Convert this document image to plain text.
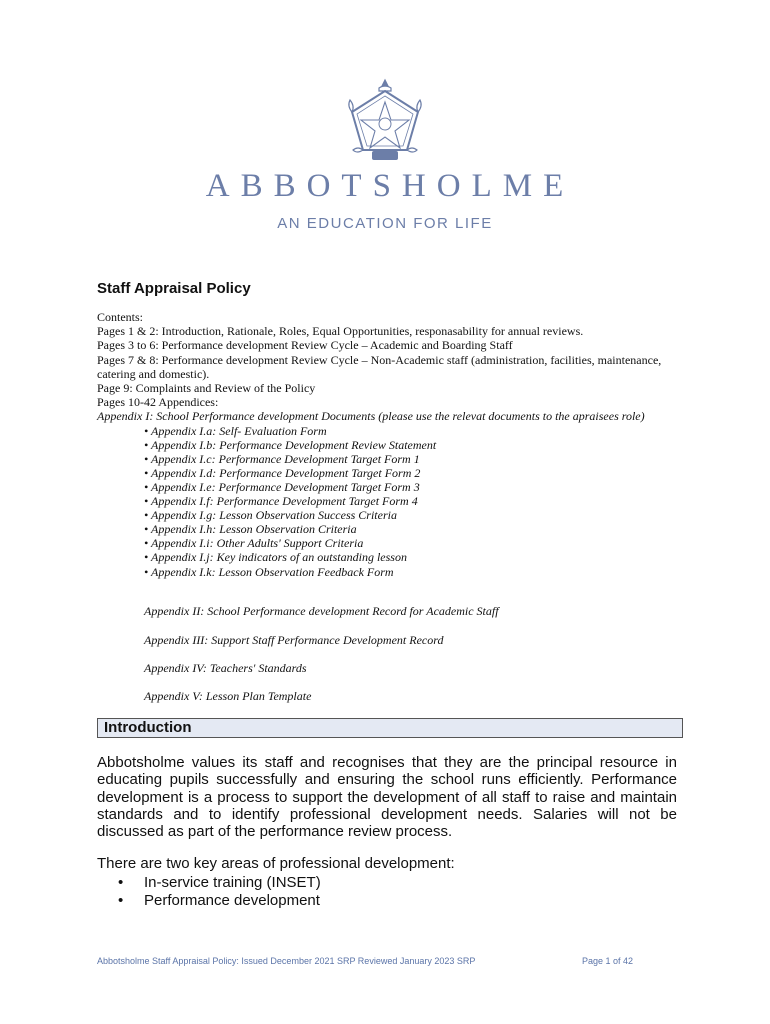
ABBOTSHOLME
AN EDUCATION FOR LIFE
Staff Appraisal Policy

Contents:

Pages 1 & 2: Introduction, Rationale, Roles, Equal Opportunities, responasability for annual reviews.

Pages 3 to 6: Performance development Review Cycle – Academic and Boarding Staff

Pages 7 & 8: Performance development Review Cycle – Non-Academic staff (administration, facilities, maintenance, catering and domestic).

Page 9: Complaints and Review of the Policy

Pages 10-42 Appendices:

Appendix I: School Performance development Documents (please use the relevat documents to the apraisees role)

• Appendix I.a: Self- Evaluation Form
• Appendix I.b: Performance Development Review Statement
• Appendix I.c: Performance Development Target Form 1
• Appendix I.d: Performance Development Target Form 2
• Appendix I.e: Performance Development Target Form 3
• Appendix I.f: Performance Development Target Form 4
• Appendix I.g: Lesson Observation Success Criteria
• Appendix I.h: Lesson Observation Criteria
• Appendix I.i: Other Adults' Support Criteria
• Appendix I.j: Key indicators of an outstanding lesson
• Appendix I.k: Lesson Observation Feedback Form
Appendix II: School Performance development Record for Academic Staff
Appendix III: Support Staff Performance Development Record
Appendix IV: Teachers' Standards
Appendix V: Lesson Plan Template
Introduction
Abbotsholme values its staff and recognises that they are the principal resource in educating pupils successfully and ensuring the school runs efficiently. Performance development is a process to support the development of all staff to raise and maintain standards and to identify professional development needs. Salaries will not be discussed as part of the performance review process.
There are two key areas of professional development:
• In-service training (INSET)
• Performance development
Abbotsholme Staff Appraisal Policy: Issued December 2021 SRP Reviewed January 2023 SRP	Page 1 of 42
